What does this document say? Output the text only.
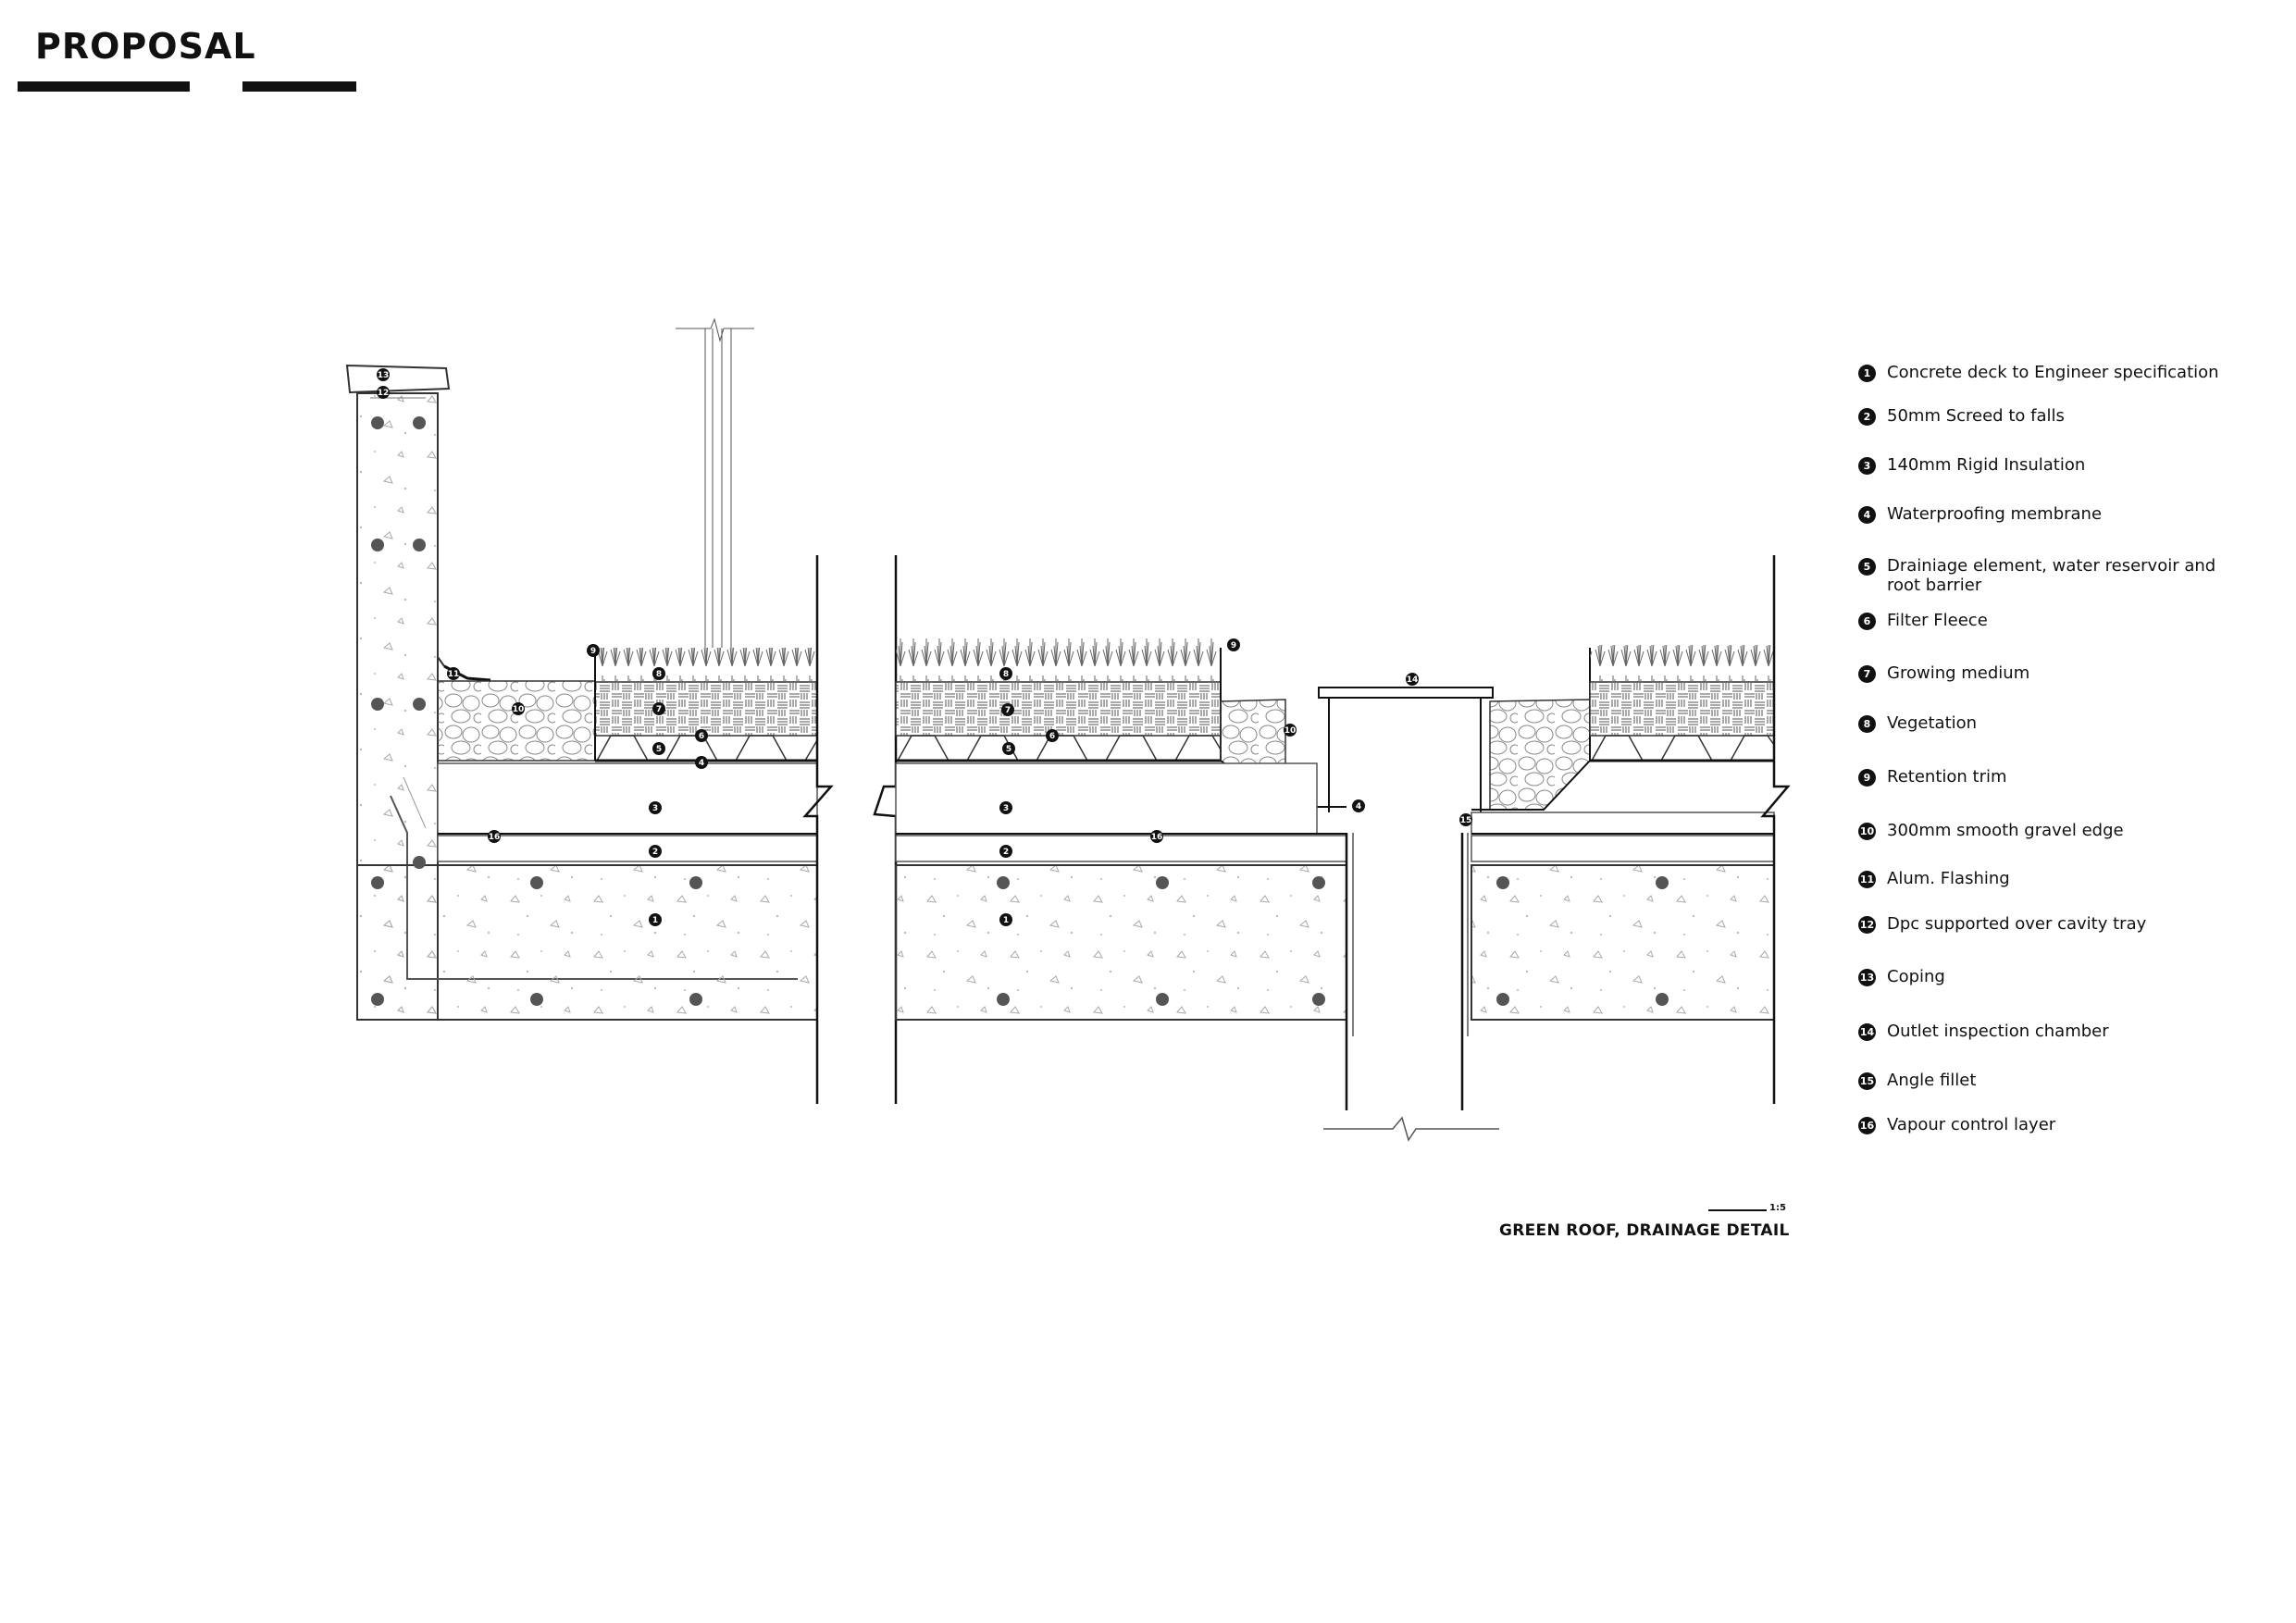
PROPOSAL
13
12
11
10
9
8
7
6
5
4
3
16
2
1
8
7
6
5
9
10
3
16
2
1
14
4
15
1 Concrete deck to Engineer specification
2 50mm Screed to falls
3 140mm Rigid Insulation
4 Waterproofing membrane
5 Drainiage element, water reservoir and root barrier
6 Filter Fleece
7 Growing medium
8 Vegetation
9 Retention trim
10 300mm smooth gravel edge
11 Alum. Flashing
12 Dpc supported over cavity tray
13 Coping
14 Outlet inspection chamber
15 Angle fillet
16 Vapour control layer
1:5
GREEN ROOF, DRAINAGE DETAIL
